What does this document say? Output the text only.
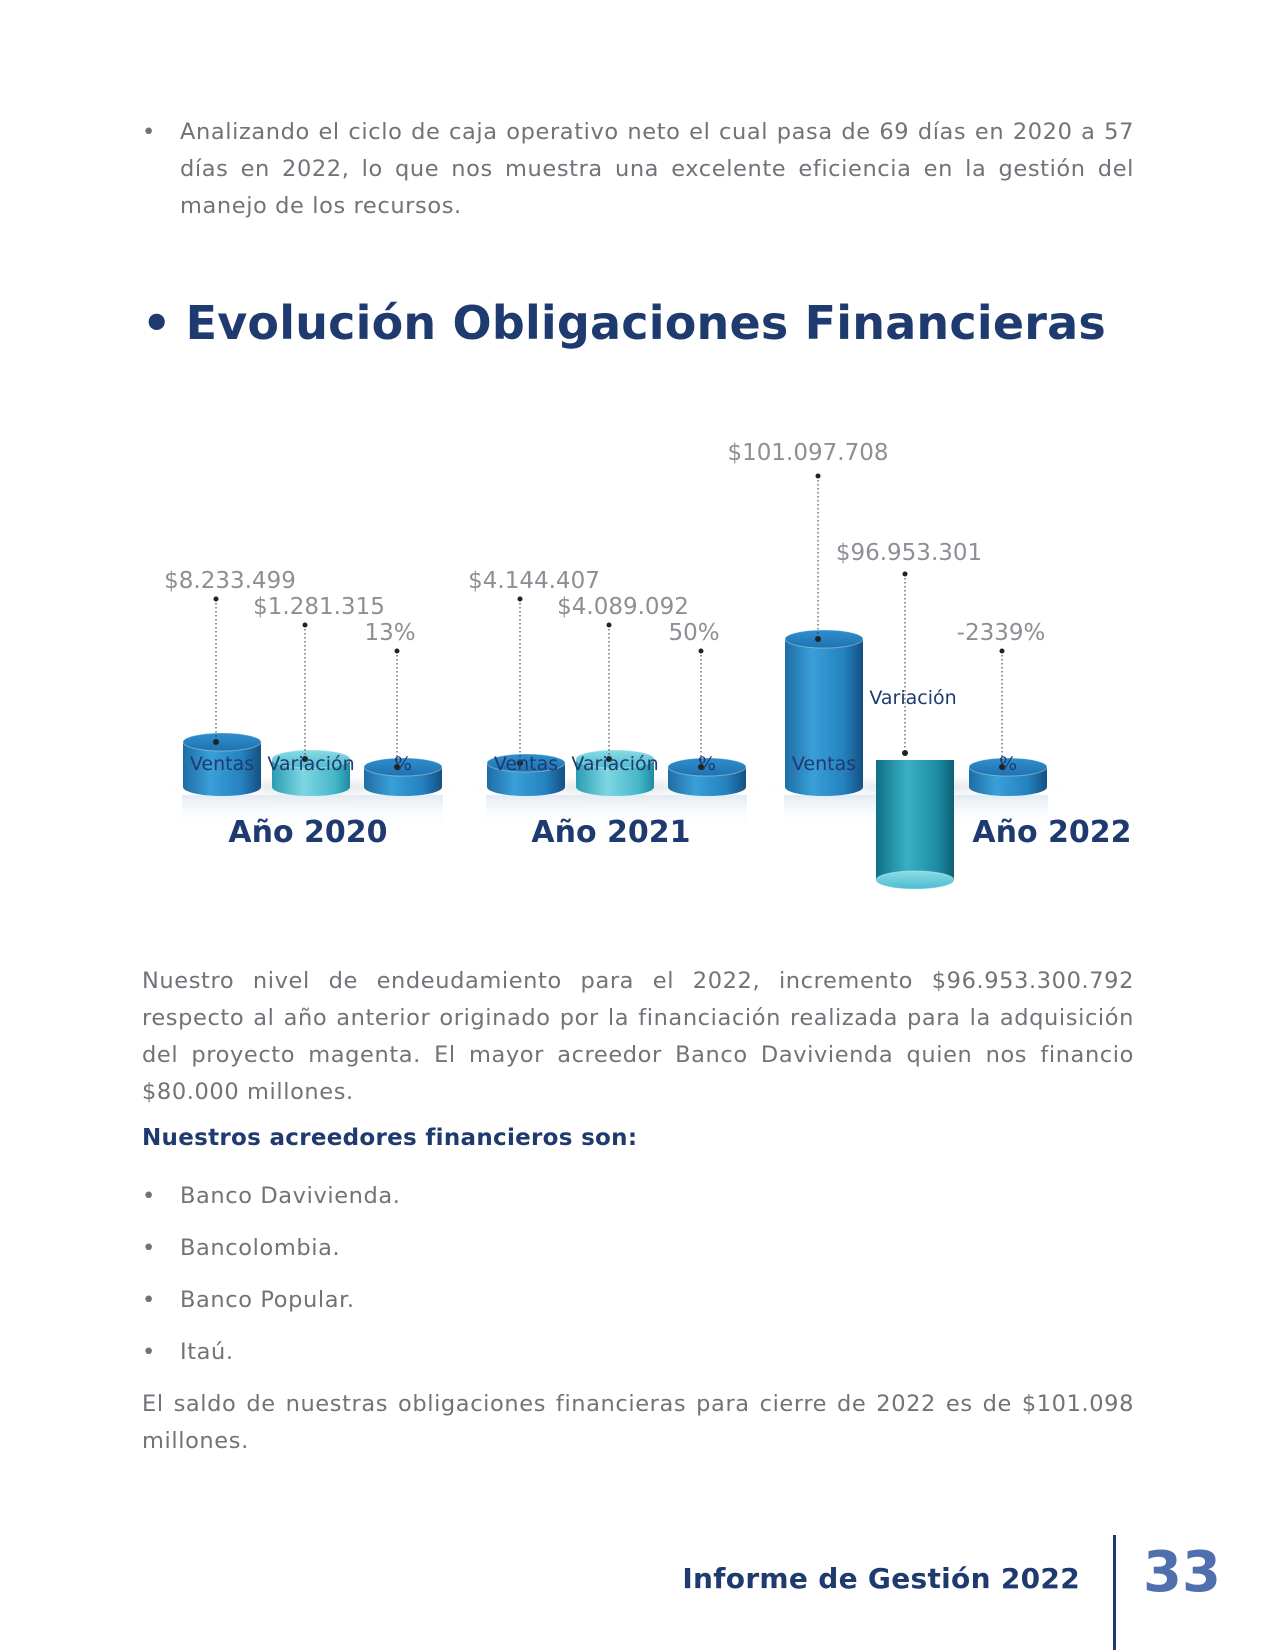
• Analizando el ciclo de caja operativo neto el cual pasa de 69 días en 2020 a 57 días en 2022, lo que nos muestra una excelente eficiencia en la gestión del manejo de los recursos.
• Evolución Obligaciones Financieras
$8.233.499
Ventas
$1.281.315
Variación
13%
%
Año 2020
$4.144.407
Ventas
$4.089.092
Variación
50%
%
Año 2021
$101.097.708
Ventas
$96.953.301
Variación
-2339%
%
Año 2022

Nuestro nivel de endeudamiento para el 2022, incremento $96.953.300.792 respecto al año anterior originado por la financiación realizada para la adquisición del proyecto magenta. El mayor acreedor Banco Davivienda quien nos financio $80.000 millones.

Nuestros acreedores financieros son:
• Banco Davivienda.
• Bancolombia.
• Banco Popular.
• Itaú.

El saldo de nuestras obligaciones financieras para cierre de 2022 es de $101.098 millones.

Informe de Gestión 2022 33
